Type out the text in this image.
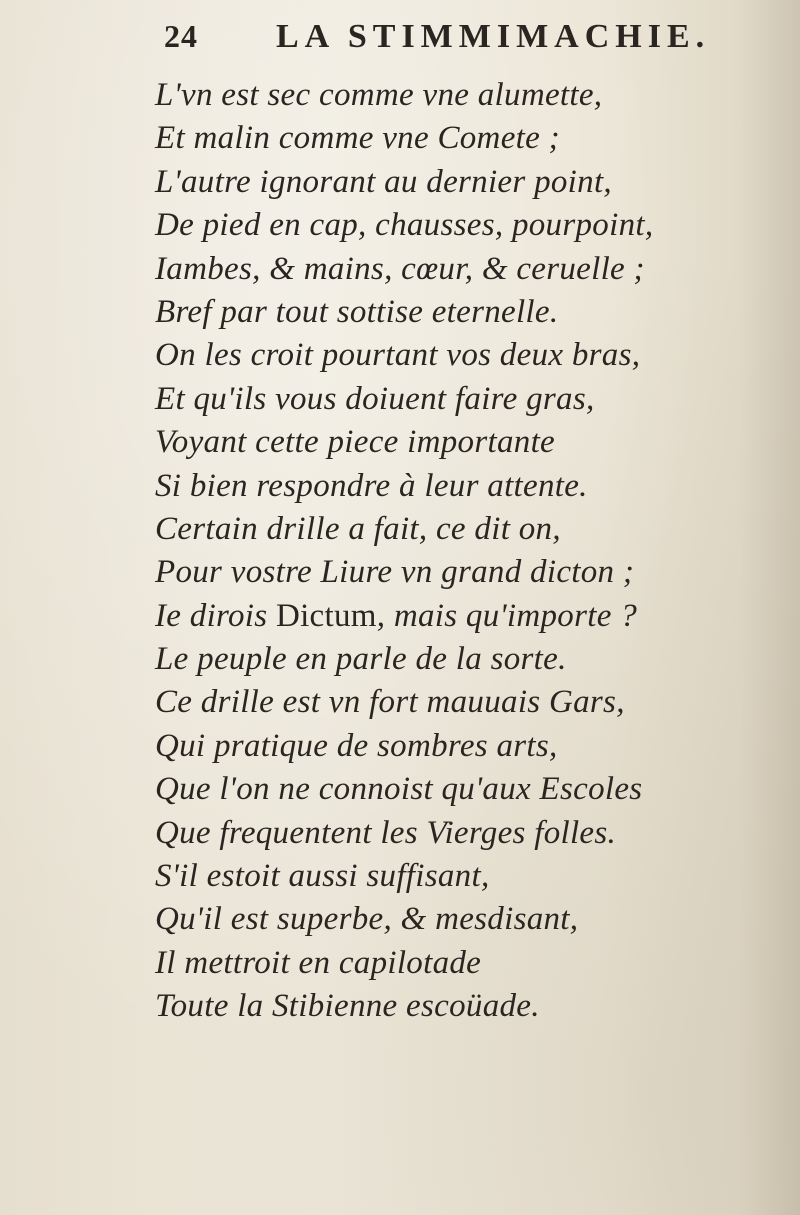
24	LA STIMMIMACHIE.
L'vn est sec comme vne alumette,
Et malin comme vne Comete ;
L'autre ignorant au dernier point,
De pied en cap, chausses, pourpoint,
Iambes, & mains, cœur, & ceruelle ;
Bref par tout sottise eternelle.
On les croit pourtant vos deux bras,
Et qu'ils vous doiuent faire gras,
Voyant cette piece importante
Si bien respondre à leur attente.
Certain drille a fait, ce dit on,
Pour vostre Liure vn grand dicton ;
Ie dirois Dictum, mais qu'importe ?
Le peuple en parle de la sorte.
Ce drille est vn fort mauuais Gars,
Qui pratique de sombres arts,
Que l'on ne connoist qu'aux Escoles
Que frequentent les Vierges folles.
S'il estoit aussi suffisant,
Qu'il est superbe, & mesdisant,
Il mettroit en capilotade
Toute la Stibienne escoüade.
